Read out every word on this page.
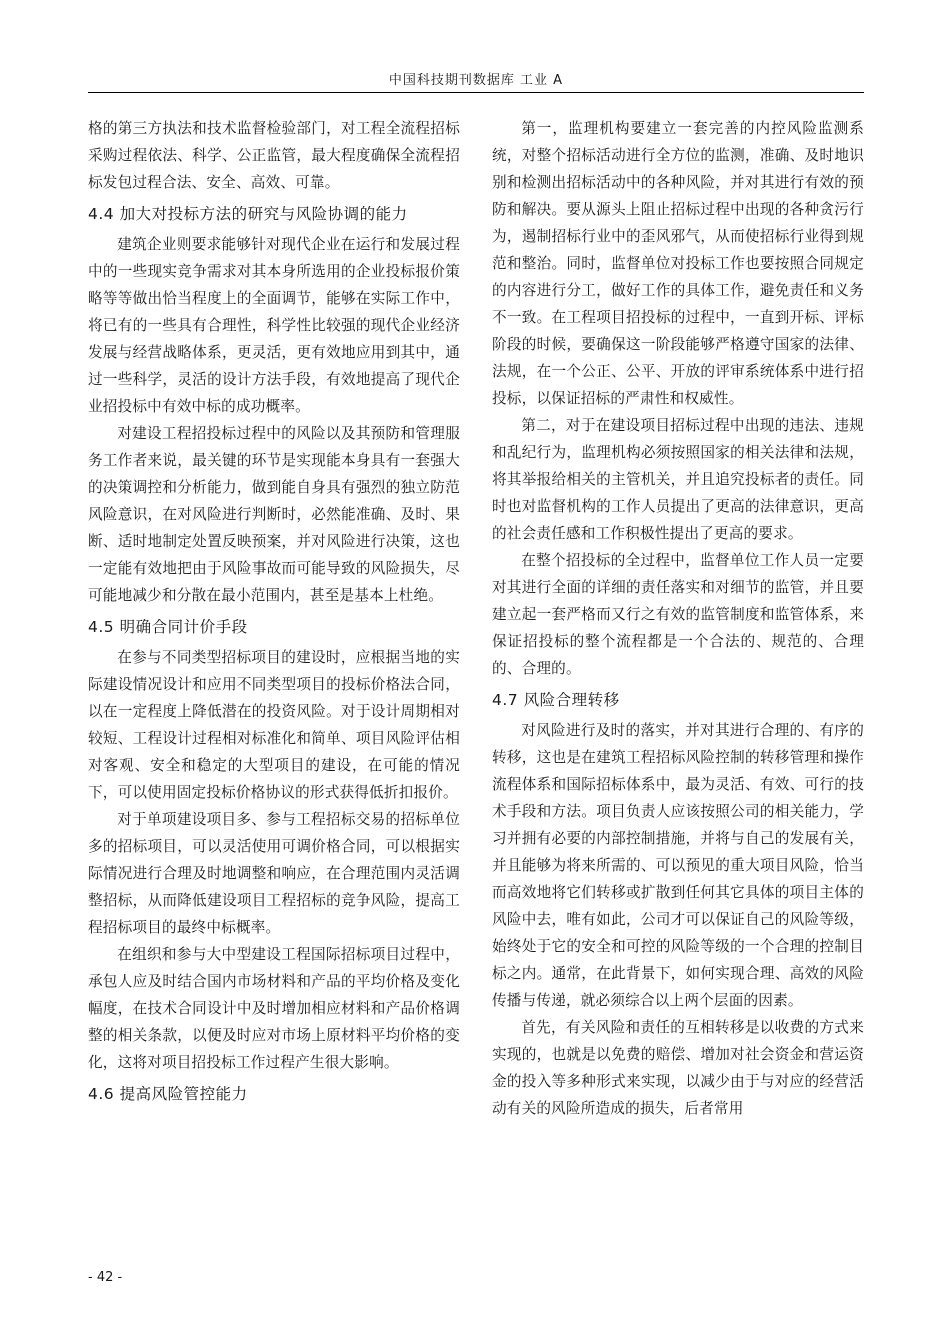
中国科技期刊数据库 工业 A

格的第三方执法和技术监督检验部门，对工程全流程招标采购过程依法、科学、公正监管，最大程度确保全流程招标发包过程合法、安全、高效、可靠。

4.4 加大对投标方法的研究与风险协调的能力

建筑企业则要求能够针对现代企业在运行和发展过程中的一些现实竞争需求对其本身所选用的企业投标报价策略等等做出恰当程度上的全面调节，能够在实际工作中，将已有的一些具有合理性，科学性比较强的现代企业经济发展与经营战略体系，更灵活，更有效地应用到其中，通过一些科学，灵活的设计方法手段，有效地提高了现代企业招投标中有效中标的成功概率。

对建设工程招投标过程中的风险以及其预防和管理服务工作者来说，最关键的环节是实现能本身具有一套强大的决策调控和分析能力，做到能自身具有强烈的独立防范风险意识，在对风险进行判断时，必然能准确、及时、果断、适时地制定处置反映预案，并对风险进行决策，这也一定能有效地把由于风险事故而可能导致的风险损失，尽可能地减少和分散在最小范围内，甚至是基本上杜绝。

4.5 明确合同计价手段

在参与不同类型招标项目的建设时，应根据当地的实际建设情况设计和应用不同类型项目的投标价格法合同，以在一定程度上降低潜在的投资风险。对于设计周期相对较短、工程设计过程相对标准化和简单、项目风险评估相对客观、安全和稳定的大型项目的建设，在可能的情况下，可以使用固定投标价格协议的形式获得低折扣报价。

对于单项建设项目多、参与工程招标交易的招标单位多的招标项目，可以灵活使用可调价格合同，可以根据实际情况进行合理及时地调整和响应，在合理范围内灵活调整招标，从而降低建设项目工程招标的竞争风险，提高工程招标项目的最终中标概率。

在组织和参与大中型建设工程国际招标项目过程中，承包人应及时结合国内市场材料和产品的平均价格及变化幅度，在技术合同设计中及时增加相应材料和产品价格调整的相关条款，以便及时应对市场上原材料平均价格的变化，这将对项目招投标工作过程产生很大影响。

4.6 提高风险管控能力

第一，监理机构要建立一套完善的内控风险监测系统，对整个招标活动进行全方位的监测，准确、及时地识别和检测出招标活动中的各种风险，并对其进行有效的预防和解决。要从源头上阻止招标过程中出现的各种贪污行为，遏制招标行业中的歪风邪气，从而使招标行业得到规范和整治。同时，监督单位对投标工作也要按照合同规定的内容进行分工，做好工作的具体工作，避免责任和义务不一致。在工程项目招投标的过程中，一直到开标、评标阶段的时候，要确保这一阶段能够严格遵守国家的法律、法规，在一个公正、公平、开放的评审系统体系中进行招投标，以保证招标的严肃性和权威性。

第二，对于在建设项目招标过程中出现的违法、违规和乱纪行为，监理机构必须按照国家的相关法律和法规，将其举报给相关的主管机关，并且追究投标者的责任。同时也对监督机构的工作人员提出了更高的法律意识，更高的社会责任感和工作积极性提出了更高的要求。

在整个招投标的全过程中，监督单位工作人员一定要对其进行全面的详细的责任落实和对细节的监管，并且要建立起一套严格而又行之有效的监管制度和监管体系，来保证招投标的整个流程都是一个合法的、规范的、合理的、合理的。

4.7 风险合理转移

对风险进行及时的落实，并对其进行合理的、有序的转移，这也是在建筑工程招标风险控制的转移管理和操作流程体系和国际招标体系中，最为灵活、有效、可行的技术手段和方法。项目负责人应该按照公司的相关能力，学习并拥有必要的内部控制措施，并将与自己的发展有关，并且能够为将来所需的、可以预见的重大项目风险，恰当而高效地将它们转移或扩散到任何其它具体的项目主体的风险中去，唯有如此，公司才可以保证自己的风险等级，始终处于它的安全和可控的风险等级的一个合理的控制目标之内。通常，在此背景下，如何实现合理、高效的风险传播与传递，就必须综合以上两个层面的因素。

首先，有关风险和责任的互相转移是以收费的方式来实现的，也就是以免费的赔偿、增加对社会资金和营运资金的投入等多种形式来实现，以减少由于与对应的经营活动有关的风险所造成的损失，后者常用

- 42 -
